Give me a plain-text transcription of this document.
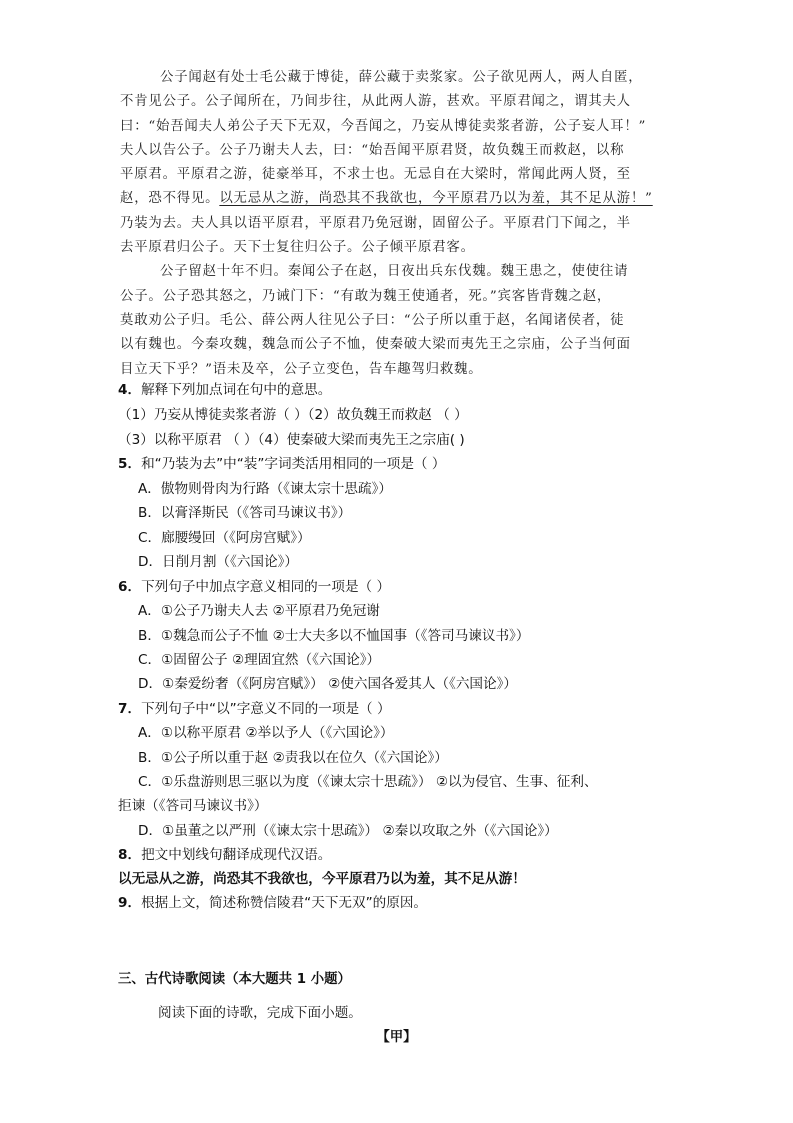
公子闻赵有处士毛公藏于博徒，薛公藏于卖浆家。公子欲见两人，两人自匿，

不肯见公子。公子闻所在，乃间步往，从此两人游，甚欢。平原君闻之，谓其夫人

曰：“始吾闻夫人弟公子天下无双，今吾闻之，乃妄从博徒卖浆者游，公子妄人耳！”

夫人以告公子。公子乃谢夫人去，曰：“始吾闻平原君贤，故负魏王而救赵，以称

平原君。平原君之游，徒豪举耳，不求士也。无忌自在大梁时，常闻此两人贤，至

赵，恐不得见。以无忌从之游，尚恐其不我欲也，今平原君乃以为羞，其不足从游！”

乃装为去。夫人具以语平原君，平原君乃免冠谢，固留公子。平原君门下闻之，半

去平原君归公子。天下士复往归公子。公子倾平原君客。

公子留赵十年不归。秦闻公子在赵，日夜出兵东伐魏。魏王患之，使使往请

公子。公子恐其怒之，乃诫门下：“有敢为魏王使通者，死。”宾客皆背魏之赵，

莫敢劝公子归。毛公、薛公两人往见公子曰：“公子所以重于赵，名闻诸侯者，徒

以有魏也。今秦攻魏，魏急而公子不恤，使秦破大梁而夷先王之宗庙，公子当何面

目立天下乎？”语未及卒，公子立变色，告车趣驾归救魏。

4．解释下列加点词在句中的意思。
（1）乃妄从博徒卖浆者游（ ）（2）故负魏王而救赵 （ ）
（3）以称平原君 （ ）（4）使秦破大梁而夷先王之宗庙( )
5．和“乃装为去”中“装”字词类活用相同的一项是（ ）
A．傲物则骨肉为行路（《谏太宗十思疏》）
B．以膏泽斯民（《答司马谏议书》）
C．廊腰缦回（《阿房宫赋》）
D．日削月割（《六国论》）
6．下列句子中加点字意义相同的一项是（ ）
A．①公子乃谢夫人去 ②平原君乃免冠谢
B．①魏急而公子不恤 ②士大夫多以不恤国事（《答司马谏议书》）
C．①固留公子 ②理固宜然（《六国论》）
D．①秦爱纷奢（《阿房宫赋》） ②使六国各爱其人（《六国论》）
7．下列句子中“以”字意义不同的一项是（ ）
A．①以称平原君 ②举以予人（《六国论》）
B．①公子所以重于赵 ②责我以在位久（《六国论》）
C．①乐盘游则思三驱以为度（《谏太宗十思疏》） ②以为侵官、生事、征利、
拒谏（《答司马谏议书》）
D．①虽董之以严刑（《谏太宗十思疏》） ②秦以攻取之外（《六国论》）
8．把文中划线句翻译成现代汉语。
以无忌从之游，尚恐其不我欲也，今平原君乃以为羞，其不足从游！
9．根据上文，简述称赞信陵君“天下无双”的原因。
三、古代诗歌阅读（本大题共 1 小题）
阅读下面的诗歌，完成下面小题。
【甲】
